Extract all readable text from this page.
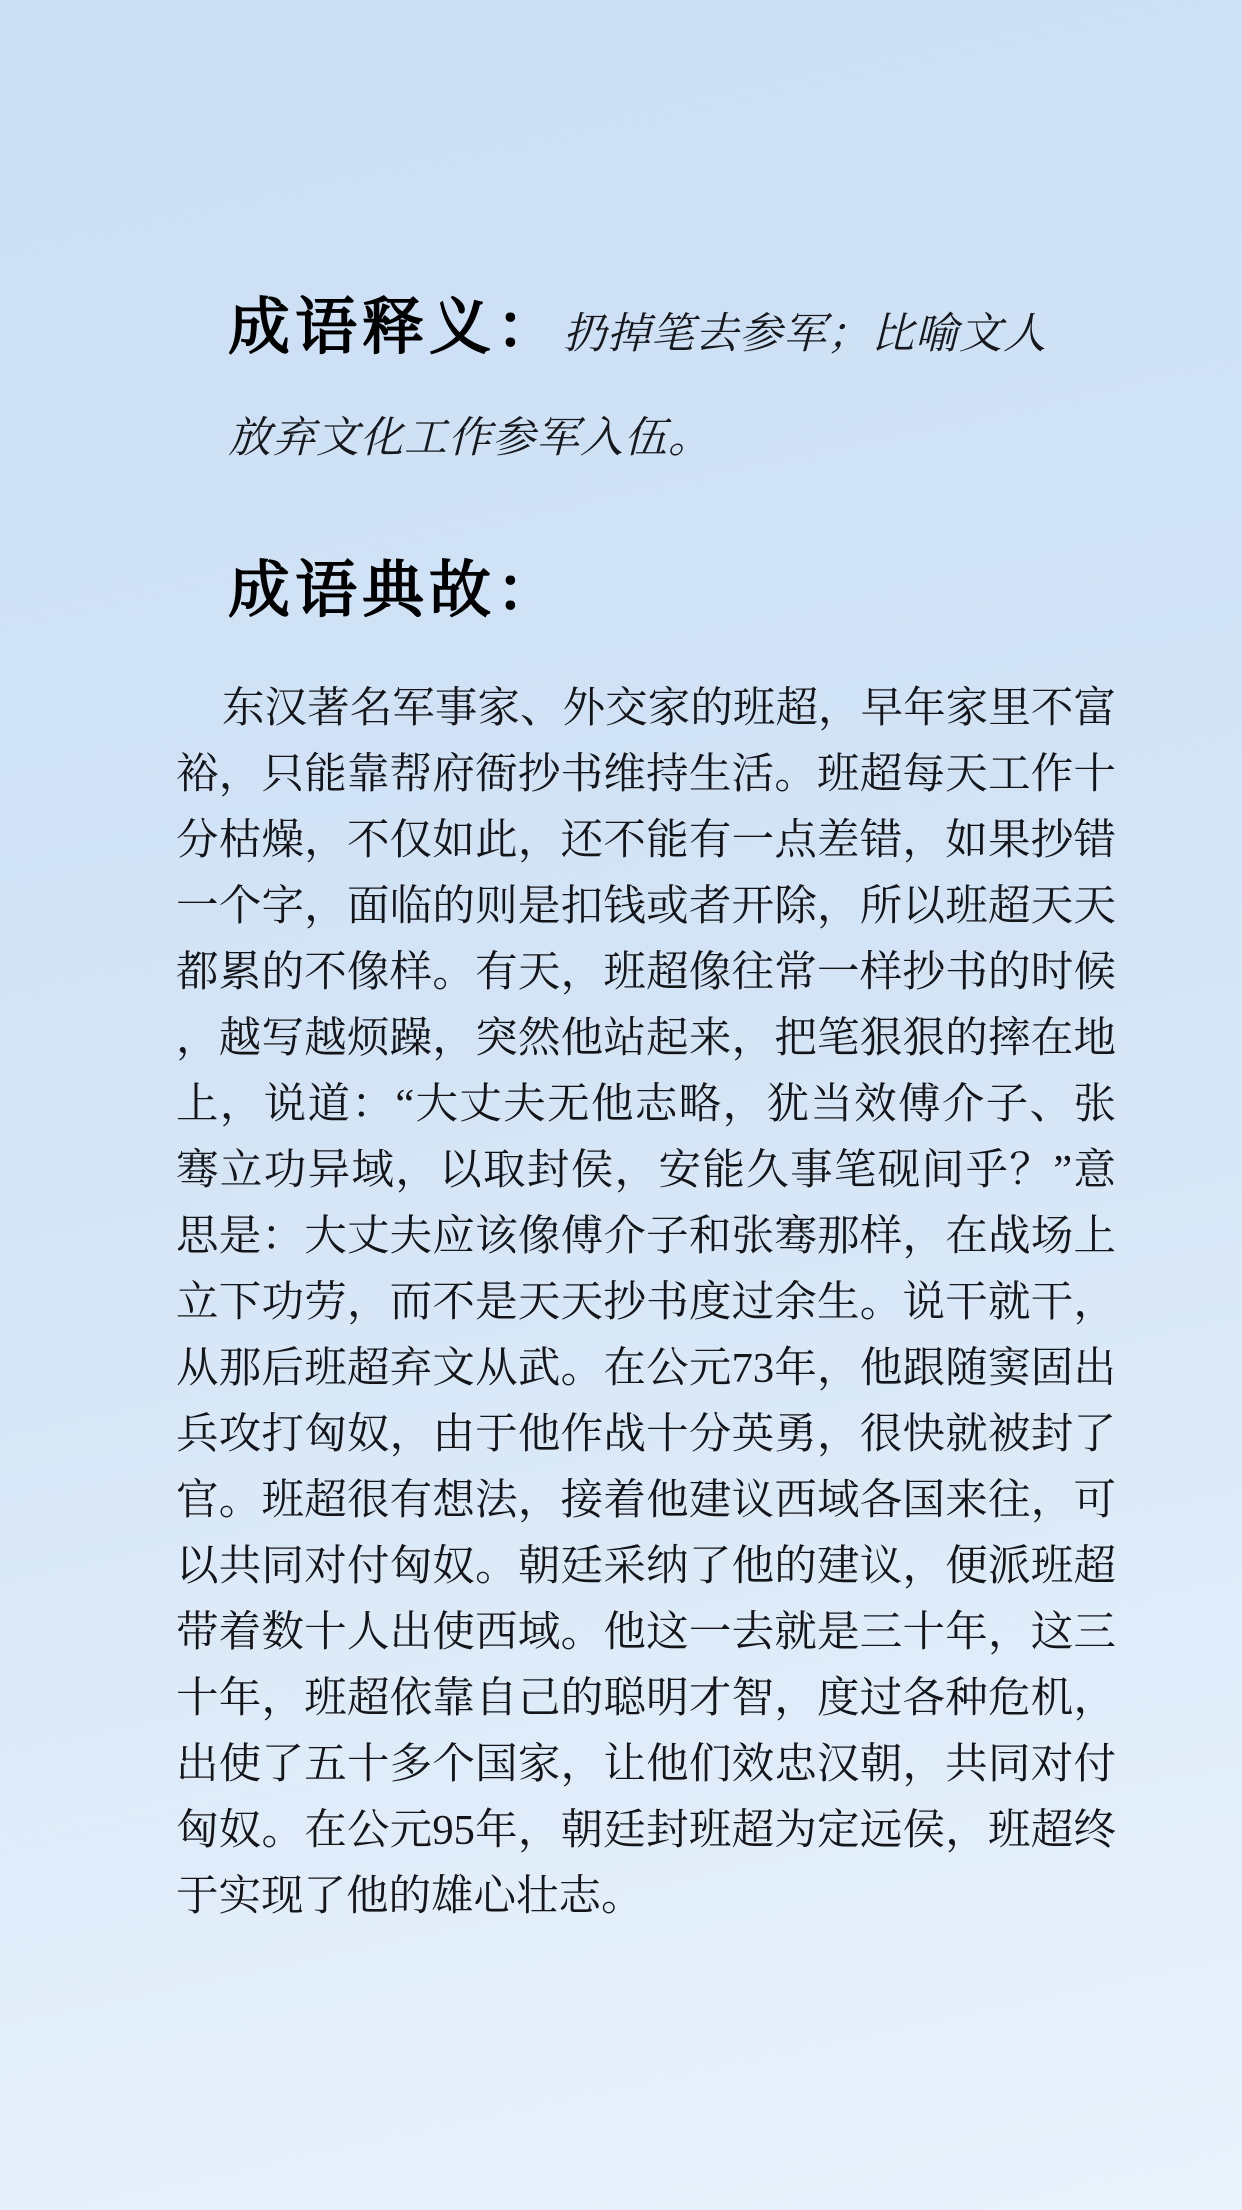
成语释义：扔掉笔去参军；比喻文人放弃文化工作参军入伍。

成语典故：

东汉著名军事家、外交家的班超，早年家里不富裕，只能靠帮府衙抄书维持生活。班超每天工作十分枯燥，不仅如此，还不能有一点差错，如果抄错一个字，面临的则是扣钱或者开除，所以班超天天都累的不像样。有天，班超像往常一样抄书的时候，越写越烦躁，突然他站起来，把笔狠狠的摔在地上，说道：“大丈夫无他志略，犹当效傅介子、张骞立功异域，以取封侯，安能久事笔砚间乎？”意思是：大丈夫应该像傅介子和张骞那样，在战场上立下功劳，而不是天天抄书度过余生。说干就干，从那后班超弃文从武。在公元73年，他跟随窦固出兵攻打匈奴，由于他作战十分英勇，很快就被封了官。班超很有想法，接着他建议西域各国来往，可以共同对付匈奴。朝廷采纳了他的建议，便派班超带着数十人出使西域。他这一去就是三十年，这三十年，班超依靠自己的聪明才智，度过各种危机，出使了五十多个国家，让他们效忠汉朝，共同对付匈奴。在公元95年，朝廷封班超为定远侯，班超终于实现了他的雄心壮志。
